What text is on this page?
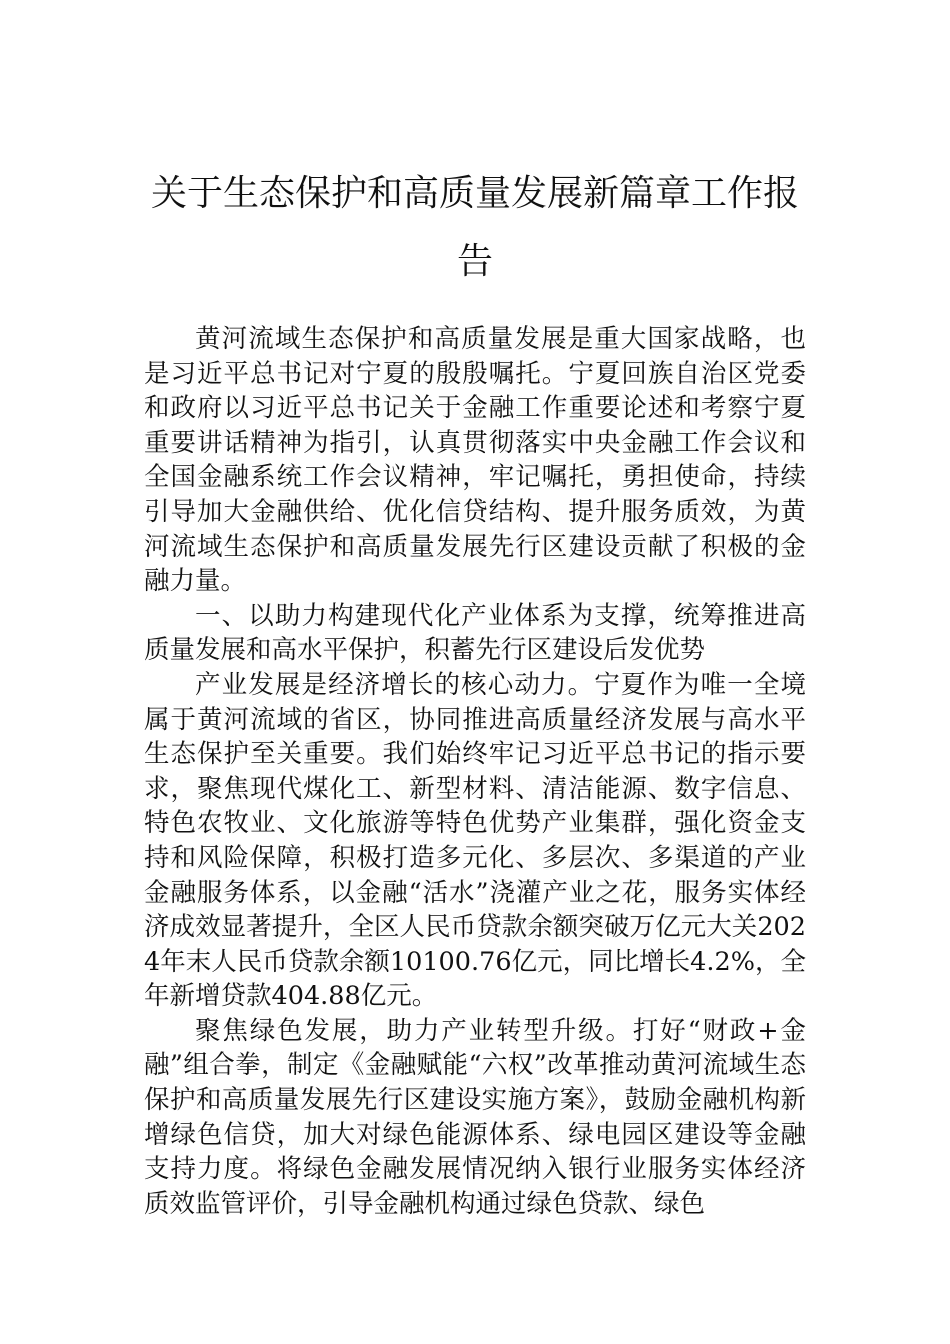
关于生态保护和高质量发展新篇章工作报告

黄河流域生态保护和高质量发展是重大国家战略，也是习近平总书记对宁夏的殷殷嘱托。宁夏回族自治区党委和政府以习近平总书记关于金融工作重要论述和考察宁夏重要讲话精神为指引，认真贯彻落实中央金融工作会议和全国金融系统工作会议精神，牢记嘱托，勇担使命，持续引导加大金融供给、优化信贷结构、提升服务质效，为黄河流域生态保护和高质量发展先行区建设贡献了积极的金融力量。

一、以助力构建现代化产业体系为支撑，统筹推进高质量发展和高水平保护，积蓄先行区建设后发优势

产业发展是经济增长的核心动力。宁夏作为唯一全境属于黄河流域的省区，协同推进高质量经济发展与高水平生态保护至关重要。我们始终牢记习近平总书记的指示要求，聚焦现代煤化工、新型材料、清洁能源、数字信息、特色农牧业、文化旅游等特色优势产业集群，强化资金支持和风险保障，积极打造多元化、多层次、多渠道的产业金融服务体系，以金融“活水”浇灌产业之花，服务实体经济成效显著提升，全区人民币贷款余额突破万亿元大关2024年末人民币贷款余额10100.76亿元，同比增长4.2%，全年新增贷款404.88亿元。

聚焦绿色发展，助力产业转型升级。打好“财政+金融”组合拳，制定《金融赋能“六权”改革推动黄河流域生态保护和高质量发展先行区建设实施方案》，鼓励金融机构新增绿色信贷，加大对绿色能源体系、绿电园区建设等金融支持力度。将绿色金融发展情况纳入银行业服务实体经济质效监管评价，引导金融机构通过绿色贷款、绿色
